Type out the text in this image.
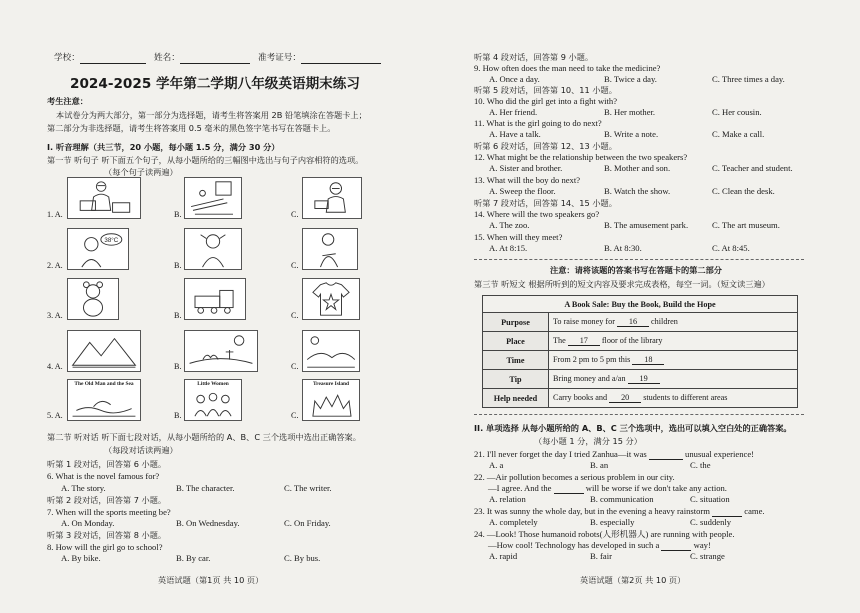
学校：	姓名：	准考证号：
2024-2025 学年第二学期八年级英语期末练习
考生注意：
本试卷分为两大部分，第一部分为选择题，请考生将答案用 2B 铅笔填涂在答题卡上；
第二部分为非选择题，请考生将答案用 0.5 毫米的黑色签字笔书写在答题卡上。
I. 听音理解（共三节，20 小题，每小题 1.5 分，满分 30 分）
第一节 听句子 听下面五个句子，从每小题所给的三幅图中选出与句子内容相符的选项。
（每个句子读两遍）
1. A.	B.	C.
2. A.
38°C
B.	C.
3. A.	B.	C.
4. A.	B.	C.
5. A.
The Old Man and the Sea
B.
Little Women
C.
Treasure Island
第二节 听对话 听下面七段对话，从每小题所给的 A、B、C 三个选项中选出正确答案。
（每段对话读两遍）
听第 1 段对话，回答第 6 小题。
6. What is the novel famous for?
A. The story.	B. The character.	C. The writer.
听第 2 段对话，回答第 7 小题。
7. When will the sports meeting be?
A. On Monday.	B. On Wednesday.	C. On Friday.
听第 3 段对话，回答第 8 小题。
8. How will the girl go to school?
A. By bike.	B. By car.	C. By bus.
英语试题（第1页 共 10 页）
听第 4 段对话，回答第 9 小题。
9. How often does the man need to take the medicine?
A. Once a day.	B. Twice a day.	C. Three times a day.
听第 5 段对话，回答第 10、11 小题。
10. Who did the girl get into a fight with?
A. Her friend.	B. Her mother.	C. Her cousin.
11. What is the girl going to do next?
A. Have a talk.	B. Write a note.	C. Make a call.
听第 6 段对话，回答第 12、13 小题。
12. What might be the relationship between the two speakers?
A. Sister and brother.	B. Mother and son.	C. Teacher and student.
13. What will the boy do next?
A. Sweep the floor.	B. Watch the show.	C. Clean the desk.
听第 7 段对话，回答第 14、15 小题。
14. Where will the two speakers go?
A. The zoo.	B. The amusement park.	C. The art museum.
15. When will they meet?
A. At 8:15.	B. At 8:30.	C. At 8:45.
注意：请将该题的答案书写在答题卡的第二部分
第三节 听短文 根据所听到的短文内容及要求完成表格，每空一词。（短文读三遍）
A Book Sale: Buy the Book, Build the Hope	
Purpose	To raise money for 16 children
Place	The 17 floor of the library
Time	From 2 pm to 5 pm this 18
Tip	Bring money and a/an 19
Help needed	Carry books and 20 students to different areas
II. 单项选择 从每小题所给的 A、B、C 三个选项中，选出可以填入空白处的正确答案。
（每小题 1 分，满分 15 分）
21. I'll never forget the day I tried Zanhua—it was	unusual experience!
A. a	B. an	C. the
22. —Air pollution becomes a serious problem in our city.
—I agree. And the	will be worse if we don't take any action.
A. relation	B. communication	C. situation
23. It was sunny the whole day, but in the evening a heavy rainstorm	came.
A. completely	B. especially	C. suddenly
24. —Look! Those humanoid robots(人形机器人) are running with people.
—How cool! Technology has developed in such a	way!
A. rapid	B. fair	C. strange
英语试题（第2页 共 10 页）
